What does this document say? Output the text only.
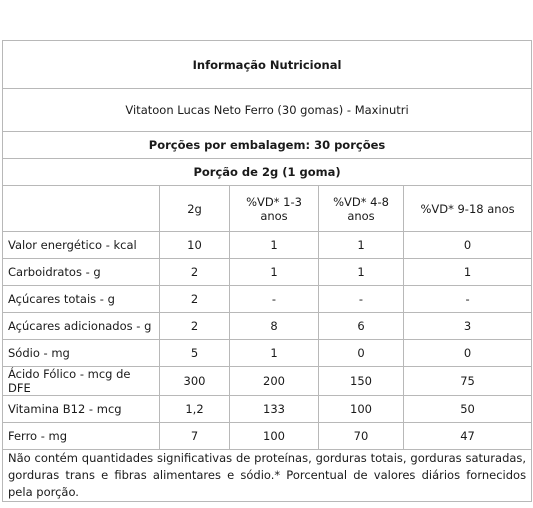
Informação Nutricional				
Vitatoon Lucas Neto Ferro (30 gomas) - Maxinutri				
Porções por embalagem: 30 porções				
Porção de 2g (1 goma)				
	2g	%VD* 1-3 anos	%VD* 4-8 anos	%VD* 9-18 anos
Valor energético - kcal	10	1	1	0
Carboidratos - g	2	1	1	1
Açúcares totais - g	2	-	-	-
Açúcares adicionados - g	2	8	6	3
Sódio - mg	5	1	0	0
Ácido Fólico - mcg de DFE	300	200	150	75
Vitamina B12 - mcg	1,2	133	100	50
Ferro - mg	7	100	70	47
Não contém quantidades significativas de proteínas, gorduras totais, gorduras saturadas, gorduras trans e fibras alimentares e sódio.* Porcentual de valores diários fornecidos pela porção.				
